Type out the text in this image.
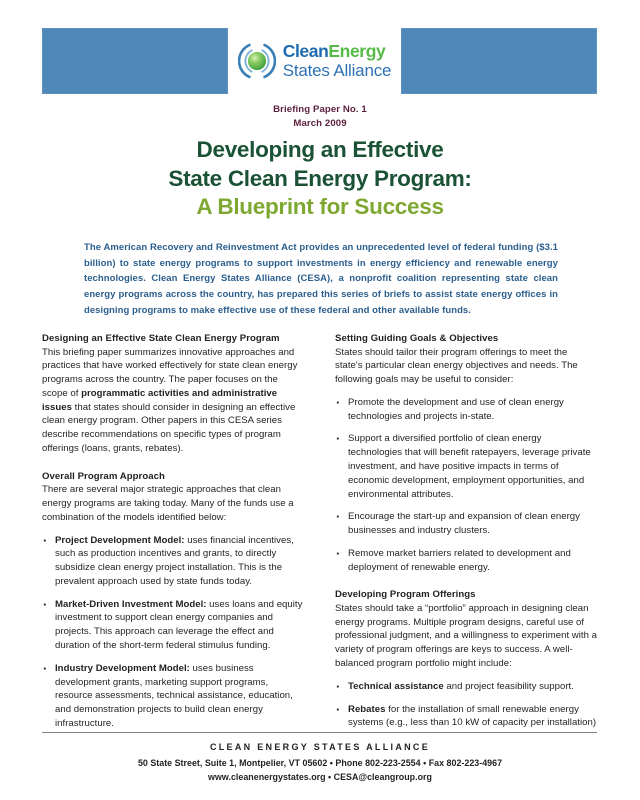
CleanEnergy
States Alliance
Briefing Paper No. 1
March 2009
Developing an Effective
State Clean Energy Program:
A Blueprint for Success

The American Recovery and Reinvestment Act provides an unprecedented level of federal funding ($3.1 billion) to state energy programs to support investments in energy efficiency and renewable energy technologies. Clean Energy States Alliance (CESA), a nonprofit coalition representing state clean energy programs across the country, has prepared this series of briefs to assist state energy offices in designing programs to make effective use of these federal and other available funds.

Designing an Effective State Clean Energy Program
This briefing paper summarizes innovative approaches and practices that have worked effectively for state clean energy programs across the country. The paper focuses on the scope of programmatic activities and administrative issues that states should consider in designing an effective clean energy program. Other papers in this CESA series describe recommendations on specific types of program offerings (loans, grants, rebates).
Overall Program Approach
There are several major strategic approaches that clean energy programs are taking today. Many of the funds use a combination of the models identified below:
· Project Development Model: uses financial incentives, such as production incentives and grants, to directly subsidize clean energy project installation. This is the prevalent approach used by state funds today.
· Market-Driven Investment Model: uses loans and equity investment to support clean energy companies and projects. This approach can leverage the effect and duration of the short-term federal stimulus funding.
· Industry Development Model: uses business development grants, marketing support programs, resource assessments, technical assistance, education, and demonstration projects to build clean energy infrastructure.
Setting Guiding Goals & Objectives
States should tailor their program offerings to meet the state's particular clean energy objectives and needs. The following goals may be useful to consider:
· Promote the development and use of clean energy technologies and projects in-state.
· Support a diversified portfolio of clean energy technologies that will benefit ratepayers, leverage private investment, and have positive impacts in terms of economic development, employment opportunities, and environmental attributes.
· Encourage the start-up and expansion of clean energy businesses and industry clusters.
· Remove market barriers related to development and deployment of renewable energy.
Developing Program Offerings
States should take a “portfolio” approach in designing clean energy programs. Multiple program designs, careful use of professional judgment, and a willingness to experiment with a variety of program offerings are keys to success. A well-balanced program portfolio might include:
· Technical assistance and project feasibility support.
· Rebates for the installation of small renewable energy systems (e.g., less than 10 kW of capacity per installation)
CLEAN ENERGY STATES ALLIANCE
50 State Street, Suite 1, Montpelier, VT 05602 • Phone 802-223-2554 • Fax 802-223-4967
www.cleanenergystates.org • CESA@cleangroup.org
